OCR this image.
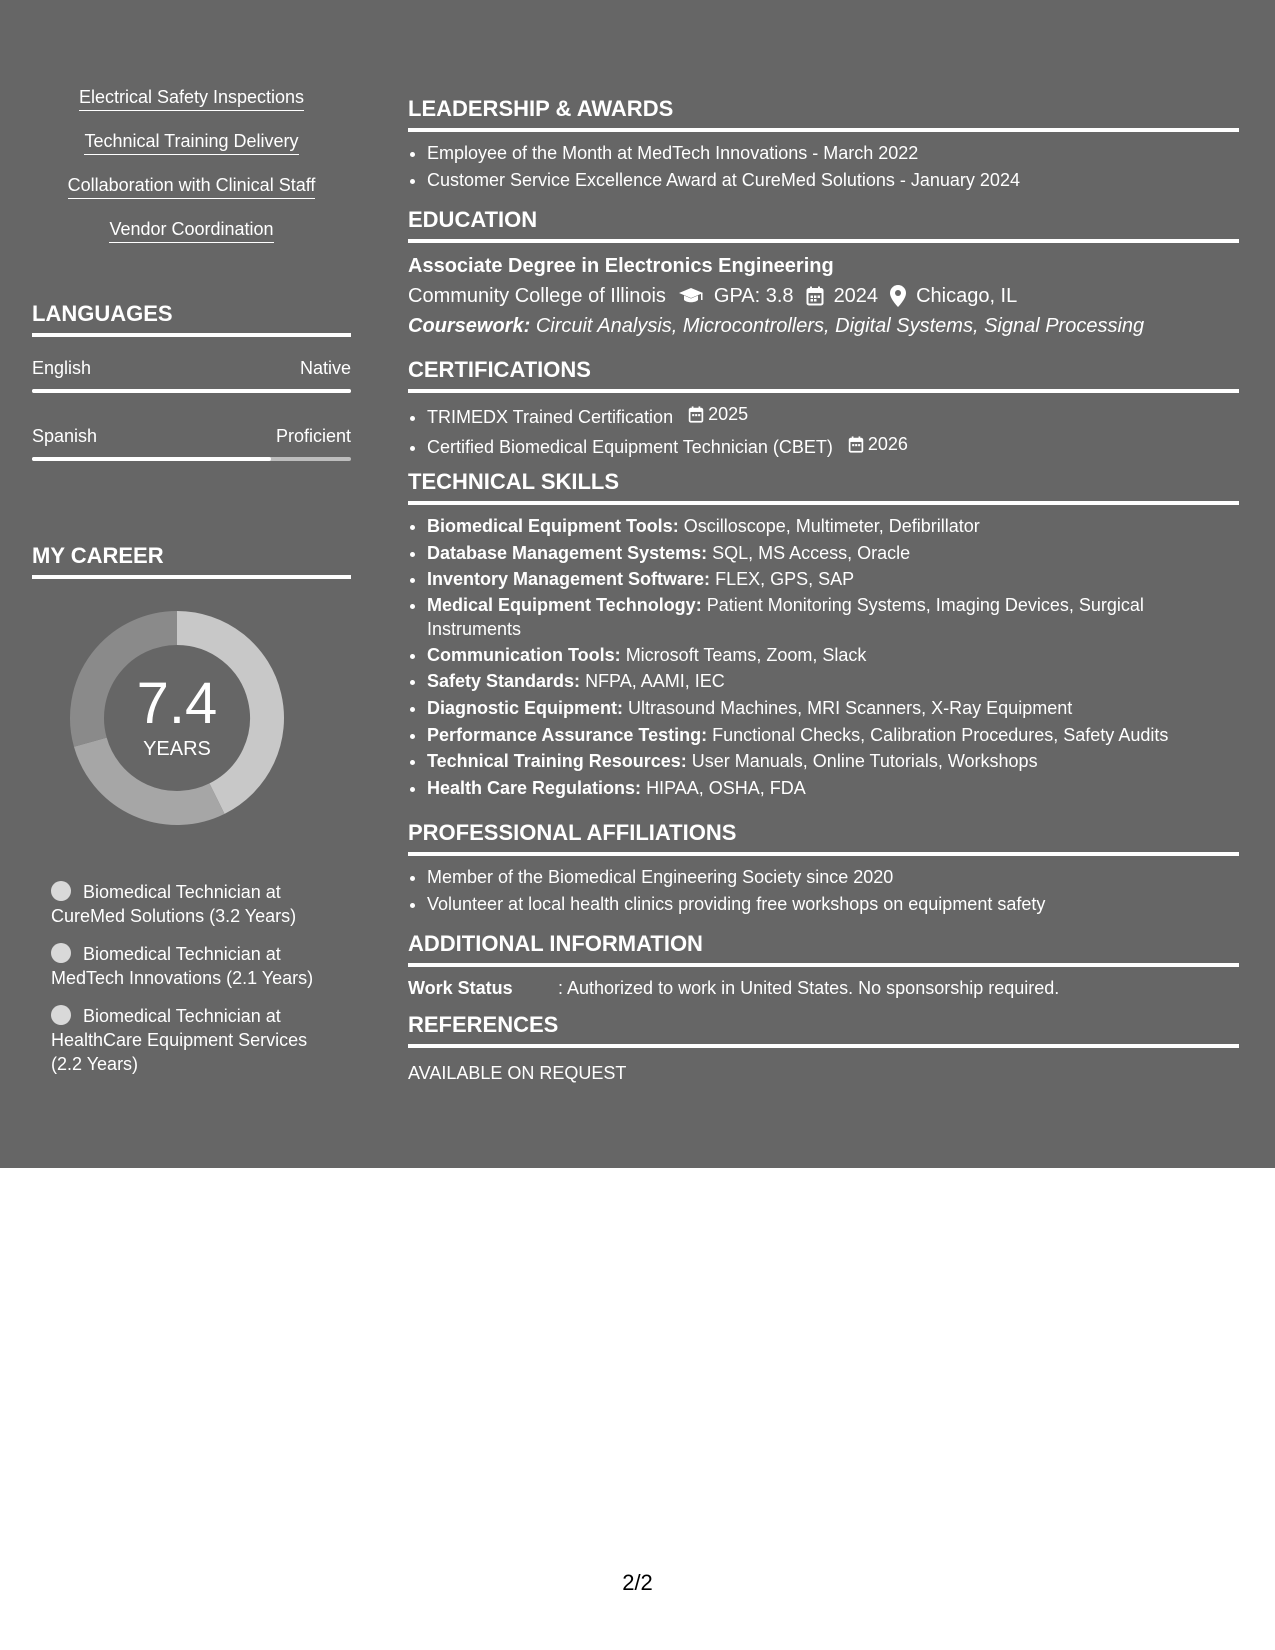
Electrical Safety Inspections
Technical Training Delivery
Collaboration with Clinical Staff
Vendor Coordination
LANGUAGES
English	Native
Spanish	Proficient
MY CAREER
7.4
YEARS
Biomedical Technician at CureMed Solutions (3.2 Years)
Biomedical Technician at MedTech Innovations (2.1 Years)
Biomedical Technician at HealthCare Equipment Services (2.2 Years)
LEADERSHIP & AWARDS
• Employee of the Month at MedTech Innovations - March 2022
• Customer Service Excellence Award at CureMed Solutions - January 2024
EDUCATION
Associate Degree in Electronics Engineering
Community College of Illinois GPA: 3.8 2024 Chicago, IL
Coursework: Circuit Analysis, Microcontrollers, Digital Systems, Signal Processing
CERTIFICATIONS
• TRIMEDX Trained Certification 2025
• Certified Biomedical Equipment Technician (CBET) 2026
TECHNICAL SKILLS
• Biomedical Equipment Tools: Oscilloscope, Multimeter, Defibrillator
• Database Management Systems: SQL, MS Access, Oracle
• Inventory Management Software: FLEX, GPS, SAP
• Medical Equipment Technology: Patient Monitoring Systems, Imaging Devices, Surgical Instruments
• Communication Tools: Microsoft Teams, Zoom, Slack
• Safety Standards: NFPA, AAMI, IEC
• Diagnostic Equipment: Ultrasound Machines, MRI Scanners, X-Ray Equipment
• Performance Assurance Testing: Functional Checks, Calibration Procedures, Safety Audits
• Technical Training Resources: User Manuals, Online Tutorials, Workshops
• Health Care Regulations: HIPAA, OSHA, FDA
PROFESSIONAL AFFILIATIONS
• Member of the Biomedical Engineering Society since 2020
• Volunteer at local health clinics providing free workshops on equipment safety
ADDITIONAL INFORMATION
Work Status	: Authorized to work in United States. No sponsorship required.
REFERENCES
AVAILABLE ON REQUEST
2/2
